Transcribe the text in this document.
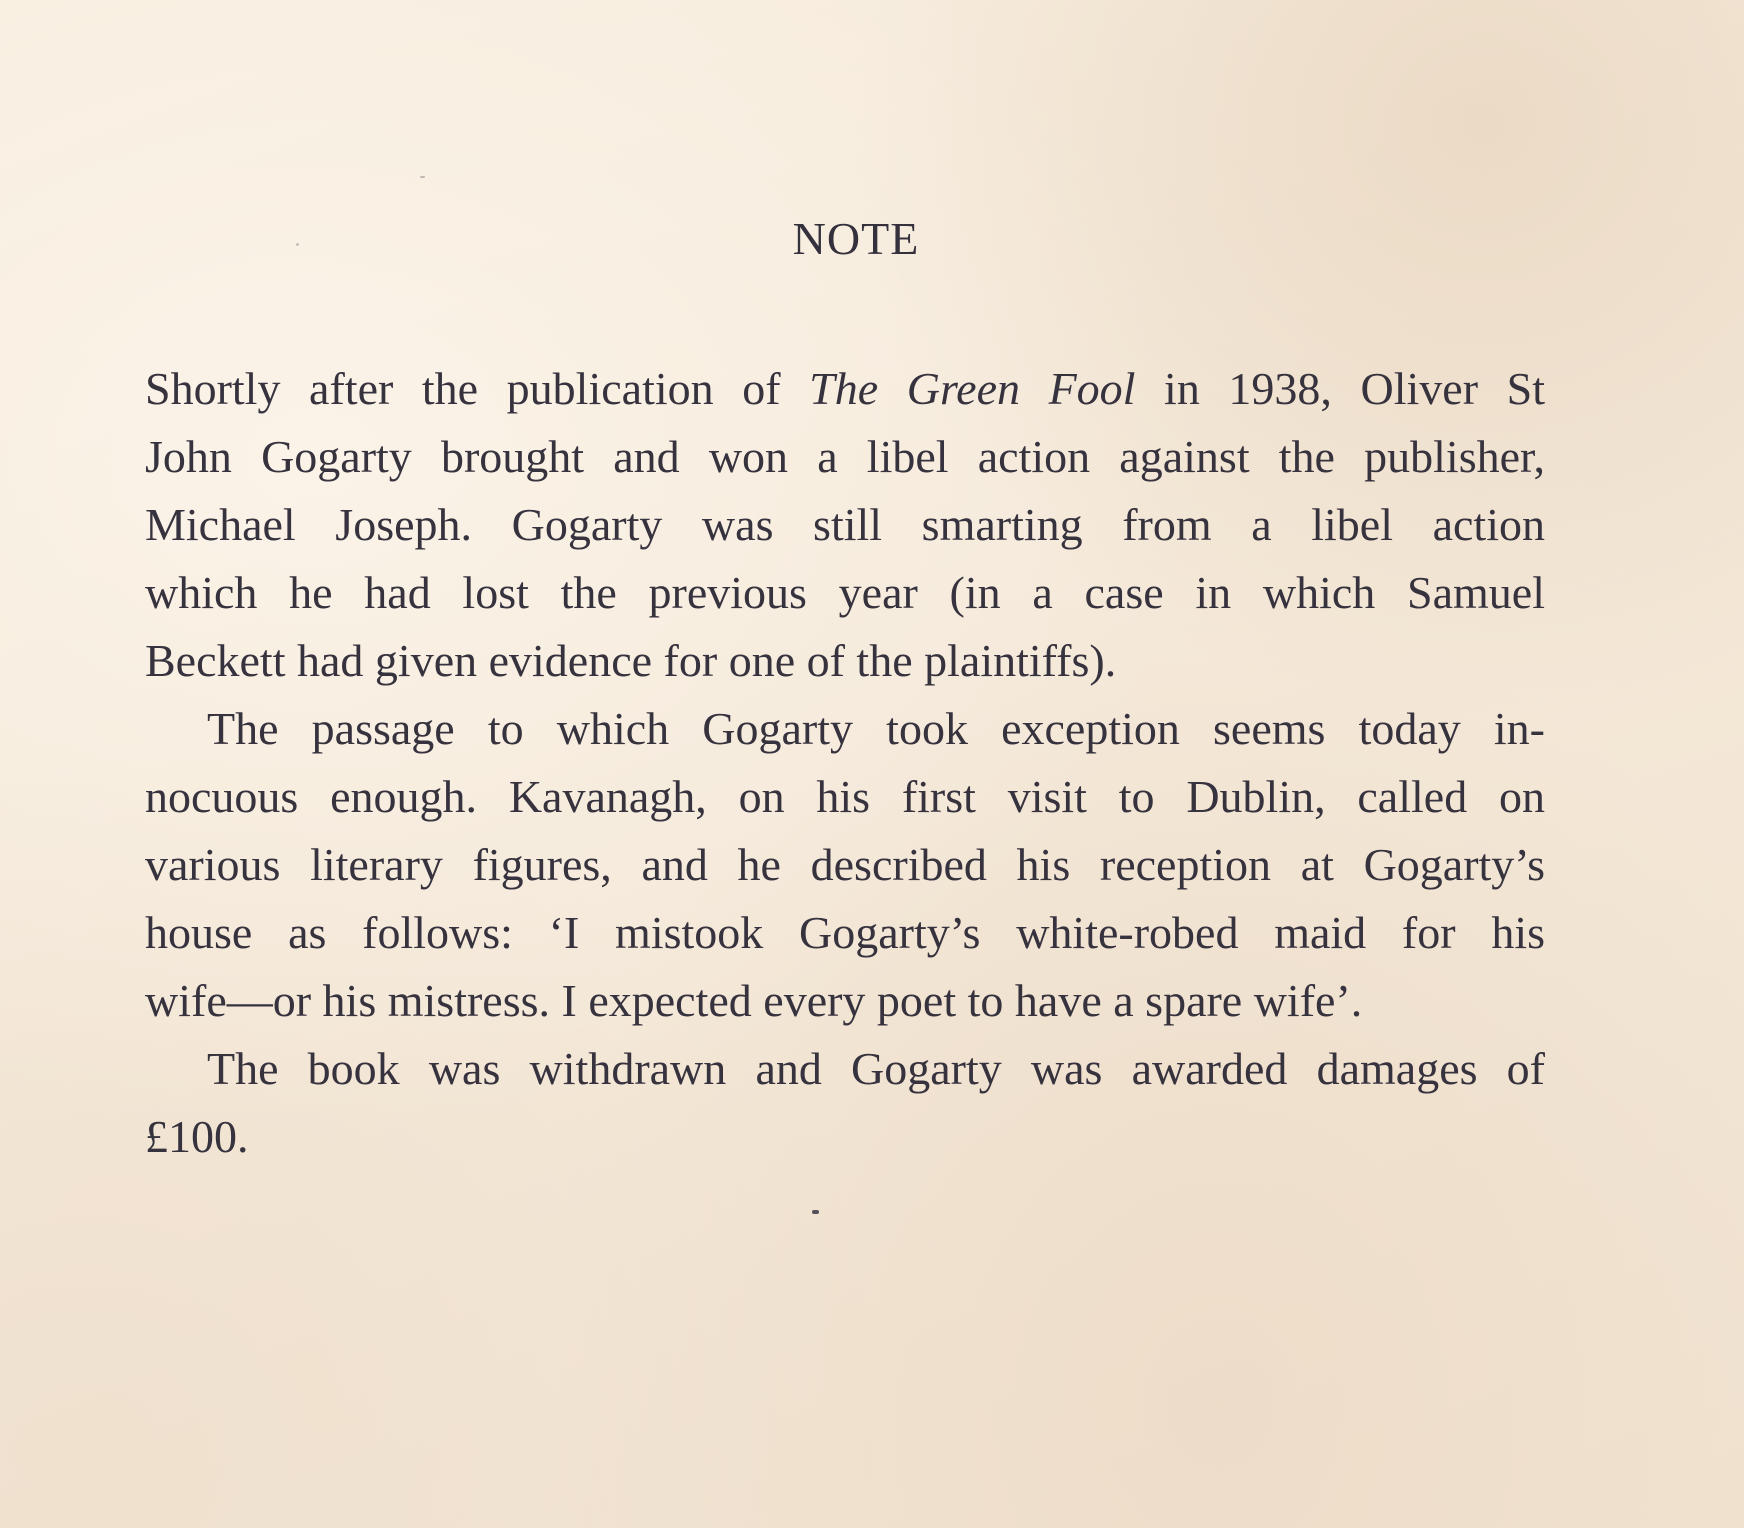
NOTE
Shortly after the publication of The Green Fool in 1938, Oliver St
John Gogarty brought and won a libel action against the publisher,
Michael Joseph. Gogarty was still smarting from a libel action
which he had lost the previous year (in a case in which Samuel
Beckett had given evidence for one of the plaintiffs).
The passage to which Gogarty took exception seems today in-
nocuous enough. Kavanagh, on his first visit to Dublin, called on
various literary figures, and he described his reception at Gogarty’s
house as follows: ‘I mistook Gogarty’s white-robed maid for his
wife—or his mistress. I expected every poet to have a spare wife’.
The book was withdrawn and Gogarty was awarded damages of
£100.
